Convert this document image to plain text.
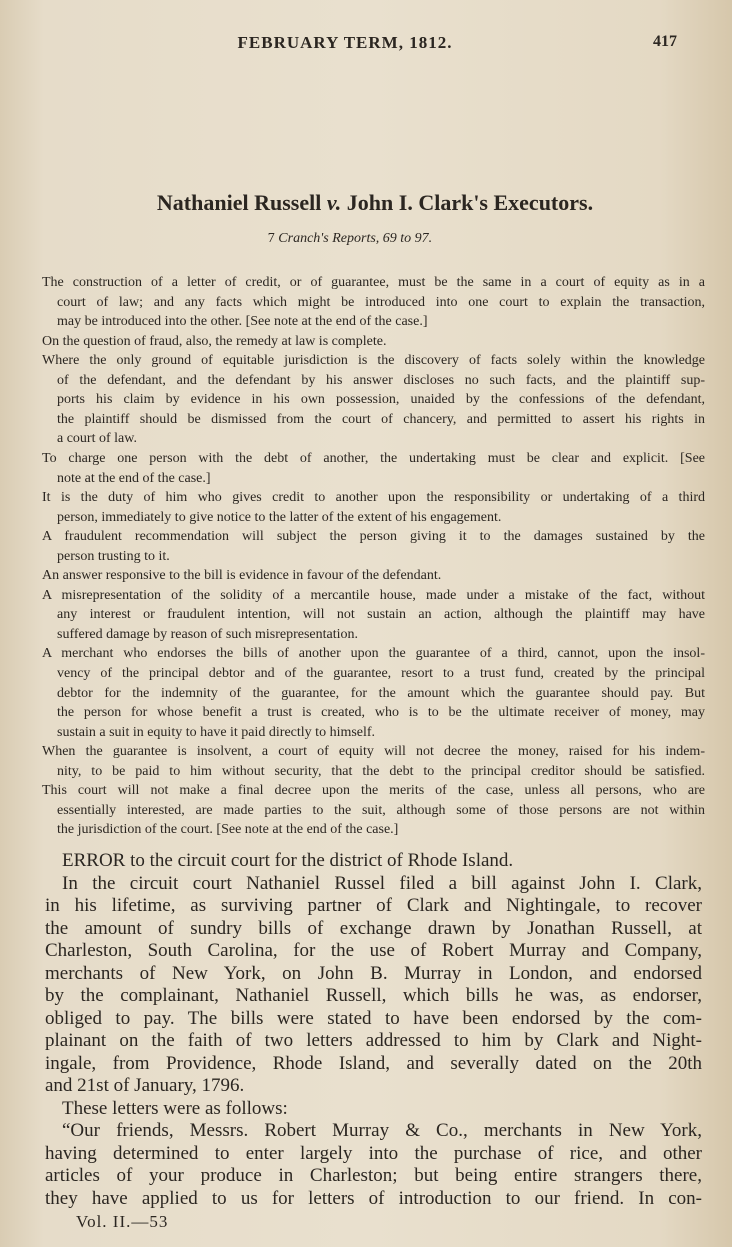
FEBRUARY TERM, 1812.	417
Nathaniel Russell v. John I. Clark's Executors.
7 Cranch's Reports, 69 to 97.
The construction of a letter of credit, or of guarantee, must be the same in a court of equity as in a
court of law; and any facts which might be introduced into one court to explain the transaction,
may be introduced into the other. [See note at the end of the case.]
On the question of fraud, also, the remedy at law is complete.
Where the only ground of equitable jurisdiction is the discovery of facts solely within the knowledge
of the defendant, and the defendant by his answer discloses no such facts, and the plaintiff sup-
ports his claim by evidence in his own possession, unaided by the confessions of the defendant,
the plaintiff should be dismissed from the court of chancery, and permitted to assert his rights in
a court of law.
To charge one person with the debt of another, the undertaking must be clear and explicit. [See
note at the end of the case.]
It is the duty of him who gives credit to another upon the responsibility or undertaking of a third
person, immediately to give notice to the latter of the extent of his engagement.
A fraudulent recommendation will subject the person giving it to the damages sustained by the
person trusting to it.
An answer responsive to the bill is evidence in favour of the defendant.
A misrepresentation of the solidity of a mercantile house, made under a mistake of the fact, without
any interest or fraudulent intention, will not sustain an action, although the plaintiff may have
suffered damage by reason of such misrepresentation.
A merchant who endorses the bills of another upon the guarantee of a third, cannot, upon the insol-
vency of the principal debtor and of the guarantee, resort to a trust fund, created by the principal
debtor for the indemnity of the guarantee, for the amount which the guarantee should pay. But
the person for whose benefit a trust is created, who is to be the ultimate receiver of money, may
sustain a suit in equity to have it paid directly to himself.
When the guarantee is insolvent, a court of equity will not decree the money, raised for his indem-
nity, to be paid to him without security, that the debt to the principal creditor should be satisfied.
This court will not make a final decree upon the merits of the case, unless all persons, who are
essentially interested, are made parties to the suit, although some of those persons are not within
the jurisdiction of the court. [See note at the end of the case.]
ERROR to the circuit court for the district of Rhode Island.
In the circuit court Nathaniel Russel filed a bill against John I. Clark,
in his lifetime, as surviving partner of Clark and Nightingale, to recover
the amount of sundry bills of exchange drawn by Jonathan Russell, at
Charleston, South Carolina, for the use of Robert Murray and Company,
merchants of New York, on John B. Murray in London, and endorsed
by the complainant, Nathaniel Russell, which bills he was, as endorser,
obliged to pay. The bills were stated to have been endorsed by the com-
plainant on the faith of two letters addressed to him by Clark and Night-
ingale, from Providence, Rhode Island, and severally dated on the 20th
and 21st of January, 1796.
These letters were as follows:
“Our friends, Messrs. Robert Murray & Co., merchants in New York,
having determined to enter largely into the purchase of rice, and other
articles of your produce in Charleston; but being entire strangers there,
they have applied to us for letters of introduction to our friend. In con-
Vol. II.—53
